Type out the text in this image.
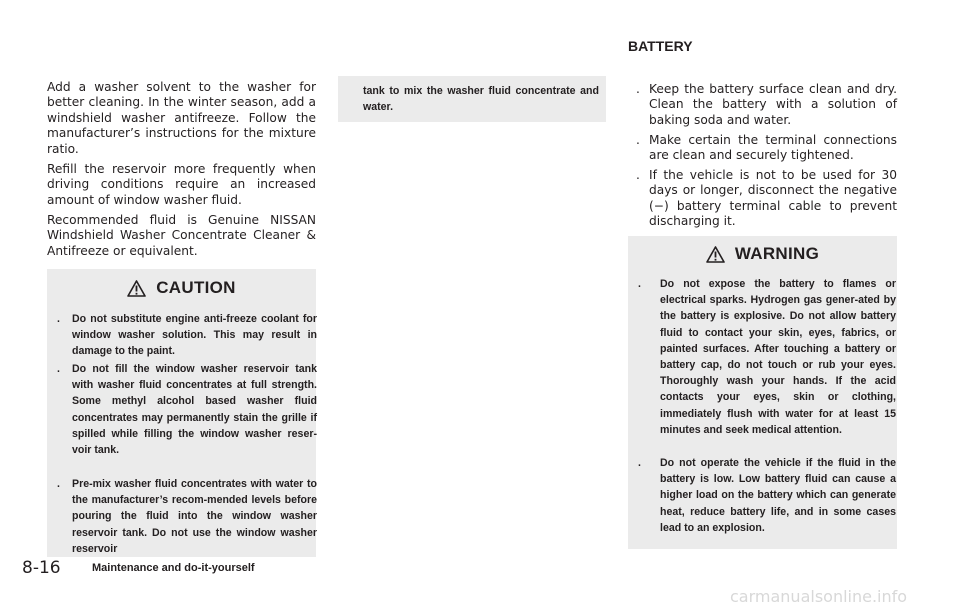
BATTERY

Add a washer solvent to the washer for better cleaning. In the winter season, add a windshield washer antifreeze. Follow the manufacturer’s instructions for the mixture ratio.

Refill the reservoir more frequently when driving conditions require an increased amount of window washer fluid.

Recommended fluid is Genuine NISSAN Windshield Washer Concentrate Cleaner & Antifreeze or equivalent.

CAUTION
. Do not substitute engine anti-freeze coolant for window washer solution. This may result in damage to the paint.
. Do not fill the window washer reservoir tank with washer fluid concentrates at full strength. Some methyl alcohol based washer fluid concentrates may permanently stain the grille if spilled while filling the window washer reser-voir tank.
. Pre-mix washer fluid concentrates with water to the manufacturer’s recom-mended levels before pouring the fluid into the window washer reservoir tank. Do not use the window washer reservoir
tank to mix the washer fluid concentrate and water.
. Keep the battery surface clean and dry. Clean the battery with a solution of baking soda and water.
. Make certain the terminal connections are clean and securely tightened.
. If the vehicle is not to be used for 30 days or longer, disconnect the negative (−) battery terminal cable to prevent discharging it.
WARNING
. Do not expose the battery to flames or electrical sparks. Hydrogen gas gener-ated by the battery is explosive. Do not allow battery fluid to contact your skin, eyes, fabrics, or painted surfaces. After touching a battery or battery cap, do not touch or rub your eyes. Thoroughly wash your hands. If the acid contacts your eyes, skin or clothing, immediately flush with water for at least 15 minutes and seek medical attention.
. Do not operate the vehicle if the fluid in the battery is low. Low battery fluid can cause a higher load on the battery which can generate heat, reduce battery life, and in some cases lead to an explosion.
8-16	Maintenance and do-it-yourself
carmanualsonline.info
